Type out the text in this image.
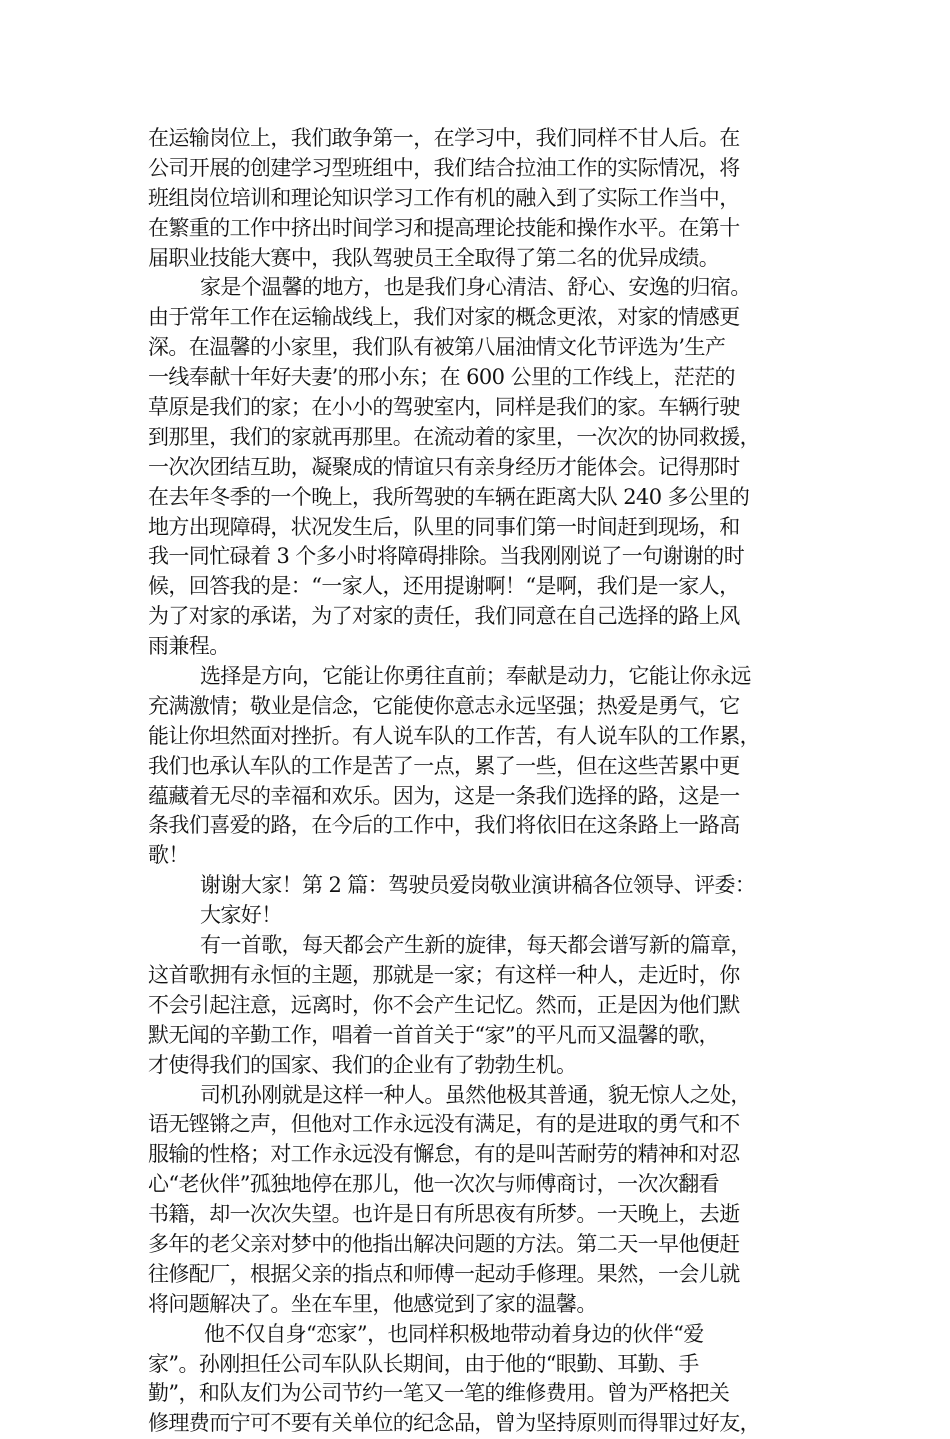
在运输岗位上，我们敢争第一，在学习中，我们同样不甘人后。在
公司开展的创建学习型班组中，我们结合拉油工作的实际情况，将
班组岗位培训和理论知识学习工作有机的融入到了实际工作当中，
在繁重的工作中挤出时间学习和提高理论技能和操作水平。在第十
届职业技能大赛中，我队驾驶员王全取得了第二名的优异成绩。
家是个温馨的地方，也是我们身心清洁、舒心、安逸的归宿。
由于常年工作在运输战线上，我们对家的概念更浓，对家的情感更
深。在温馨的小家里，我们队有被第八届油情文化节评选为’生产
一线奉献十年好夫妻’的邢小东；在 600 公里的工作线上，茫茫的
草原是我们的家；在小小的驾驶室内，同样是我们的家。车辆行驶
到那里，我们的家就再那里。在流动着的家里，一次次的协同救援，
一次次团结互助，凝聚成的情谊只有亲身经历才能体会。记得那时
在去年冬季的一个晚上，我所驾驶的车辆在距离大队 240 多公里的
地方出现障碍，状况发生后，队里的同事们第一时间赶到现场，和
我一同忙碌着 3 个多小时将障碍排除。当我刚刚说了一句谢谢的时
候，回答我的是：“一家人，还用提谢啊！“是啊，我们是一家人，
为了对家的承诺，为了对家的责任，我们同意在自己选择的路上风
雨兼程。
选择是方向，它能让你勇往直前；奉献是动力，它能让你永远
充满激情；敬业是信念，它能使你意志永远坚强；热爱是勇气，它
能让你坦然面对挫折。有人说车队的工作苦，有人说车队的工作累，
我们也承认车队的工作是苦了一点，累了一些，但在这些苦累中更
蕴藏着无尽的幸福和欢乐。因为，这是一条我们选择的路，这是一
条我们喜爱的路，在今后的工作中，我们将依旧在这条路上一路高
歌！
谢谢大家！第 2 篇：驾驶员爱岗敬业演讲稿各位领导、评委：
大家好！
有一首歌，每天都会产生新的旋律，每天都会谱写新的篇章，
这首歌拥有永恒的主题，那就是一家；有这样一种人，走近时，你
不会引起注意，远离时，你不会产生记忆。然而，正是因为他们默
默无闻的辛勤工作，唱着一首首关于“家”的平凡而又温馨的歌，
才使得我们的国家、我们的企业有了勃勃生机。
司机孙刚就是这样一种人。虽然他极其普通，貌无惊人之处，
语无铿锵之声，但他对工作永远没有满足，有的是进取的勇气和不
服输的性格；对工作永远没有懈怠，有的是叫苦耐劳的精神和对忍
心“老伙伴”孤独地停在那儿，他一次次与师傅商讨，一次次翻看
书籍，却一次次失望。也许是日有所思夜有所梦。一天晚上，去逝
多年的老父亲对梦中的他指出解决问题的方法。第二天一早他便赶
往修配厂，根据父亲的指点和师傅一起动手修理。果然，一会儿就
将问题解决了。坐在车里，他感觉到了家的温馨。
他不仅自身“恋家”，也同样积极地带动着身边的伙伴“爱
家”。孙刚担任公司车队队长期间，由于他的“眼勤、耳勤、手
勤”，和队友们为公司节约一笔又一笔的维修费用。曾为严格把关
修理费而宁可不要有关单位的纪念品，曾为坚持原则而得罪过好友，
